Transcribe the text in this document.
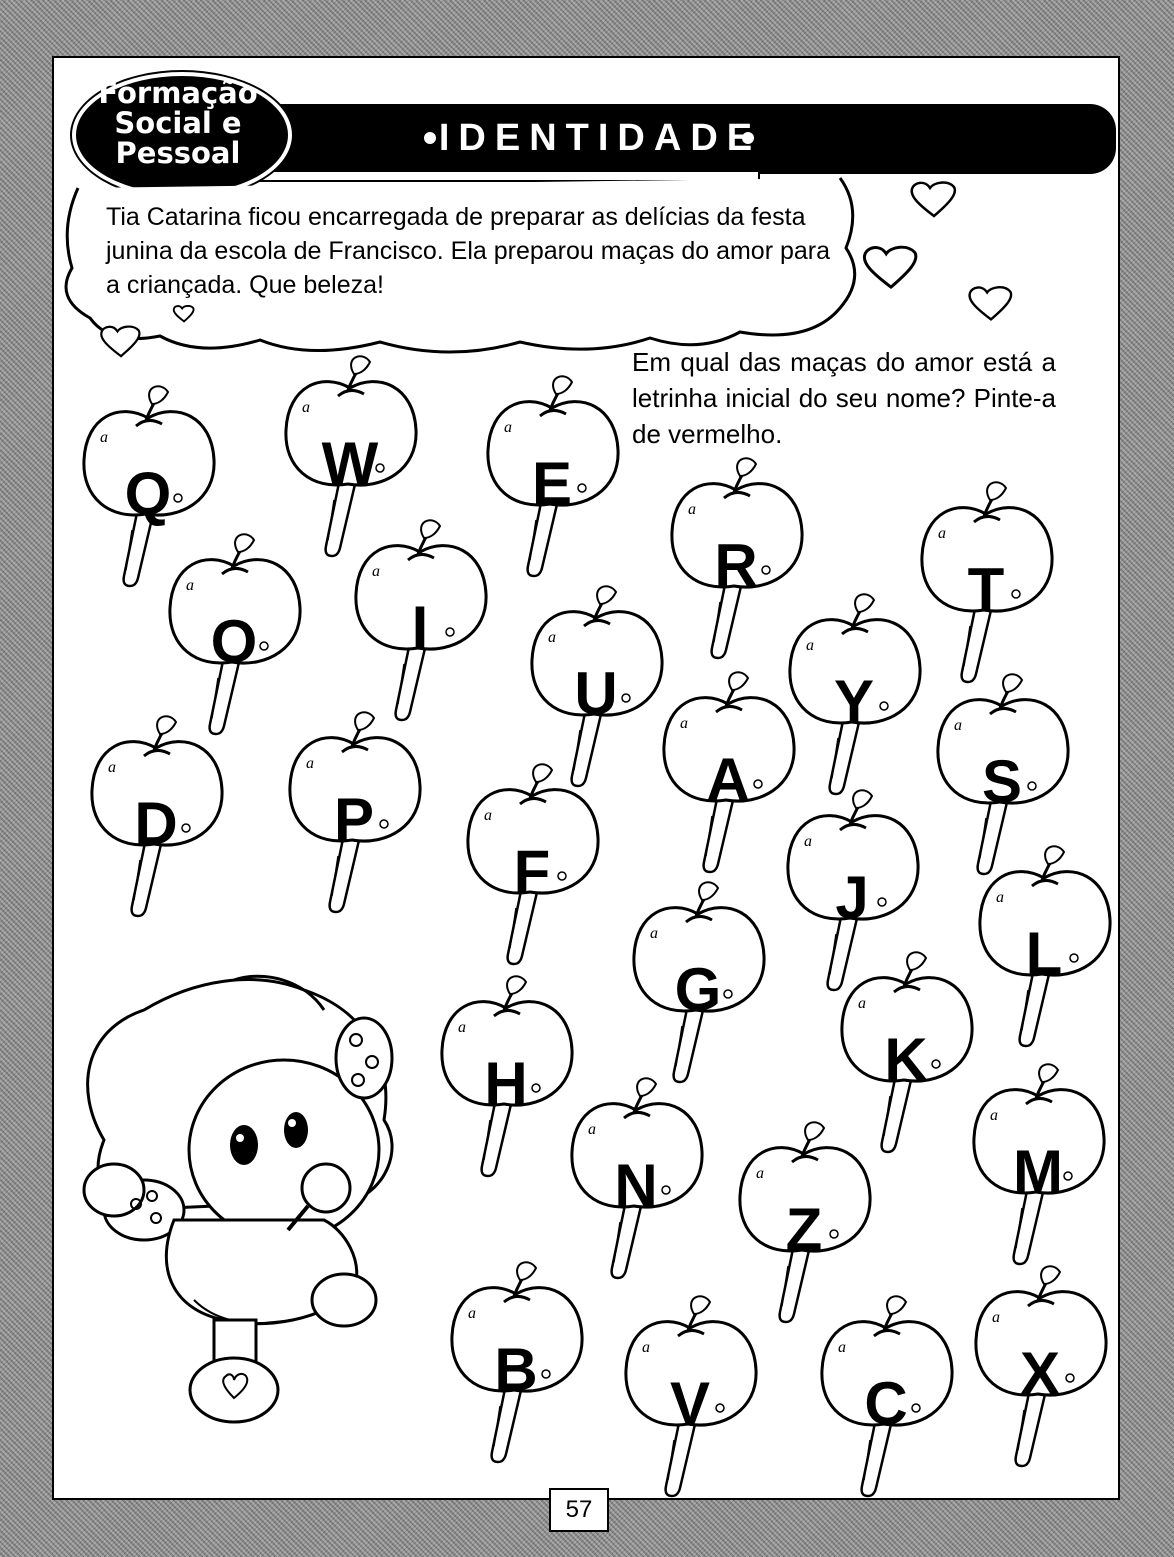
IDENTIDADE
Formação
Social e
Pessoal
Tia Catarina ficou encarregada de preparar as delícias da festa junina da escola de Francisco. Ela preparou maças do amor para a criançada. Que beleza!
Em qual das maças do amor está a letrinha inicial do seu nome? Pinte-a de vermelho.
a
Q
a
W
a
E	a
R	a
T
a
O
a
I	a
U
a
Y
a
A
a
S
a
D
a
P	a
F	a
J	a
L
a
G	a
K
a
H
a
N	a
Z
a
M
a
B	a
V
a
C
a
X
57
